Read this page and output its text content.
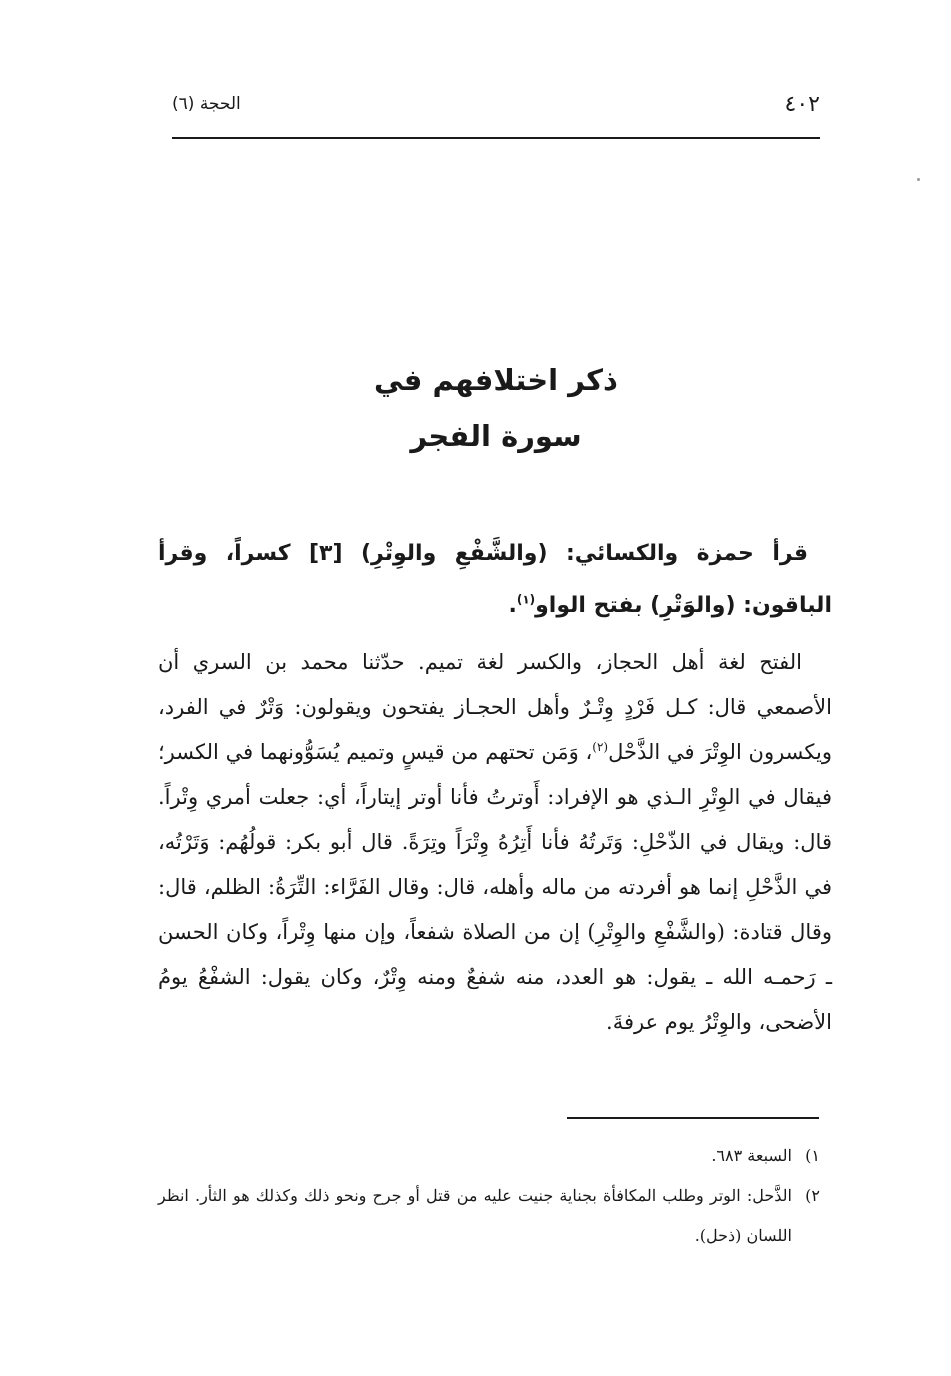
٤٠٢
الحجة (٦)
ذكر اختلافهم في
سورة الفجر

قرأ حمزة والكسائي: (والشَّفْعِ والوِتْرِ) [٣] كسراً، وقرأ الباقون: (والوَتْرِ) بفتح الواو$^{(١)}$.

الفتح لغة أهل الحجاز، والكسر لغة تميم. حدّثنا محمد بن السري أن الأصمعي قال: كـل فَرْدٍ وِتْـرٌ وأهل الحجـاز يفتحون ويقولون: وَتْرٌ في الفرد، ويكسرون الوِتْرَ في الذَّحْل$^{(٢)}$، وَمَن تحتهم من قيسٍ وتميم يُسَوُّونهما في الكسر؛ فيقال في الوِتْرِ الـذي هو الإفراد: أَوترتُ فأنا أوتر إيتاراً، أي: جعلت أمري وِتْراً. قال: ويقال في الذّحْلِ: وَتَرتُهُ فأنا أَتِرُهُ وِتْرَاً وتِرَةً. قال أبو بكر: قولُهُم: وَتَرْتُه، في الذَّحْلِ إنما هو أفردته من ماله وأهله، قال: وقال الفَرَّاء: التِّرَةُ: الظلم، قال: وقال قتادة: (والشَّفْعِ والوِتْرِ) إن من الصلاة شفعاً، وإن منها وِتْراً، وكان الحسن ـ رَحمـه الله ـ يقول: هو العدد، منه شفعٌ ومنه وِتْرٌ، وكان يقول: الشفْعُ يومُ الأضحى، والوِتْرُ يوم عرفةَ.

١)
السبعة ٦٨٣.

٢)
الذَّحل: الوتر وطلب المكافأة بجناية جنيت عليه من قتل أو جرح ونحو ذلك وكذلك هو الثأر. انظر اللسان (ذحل).
